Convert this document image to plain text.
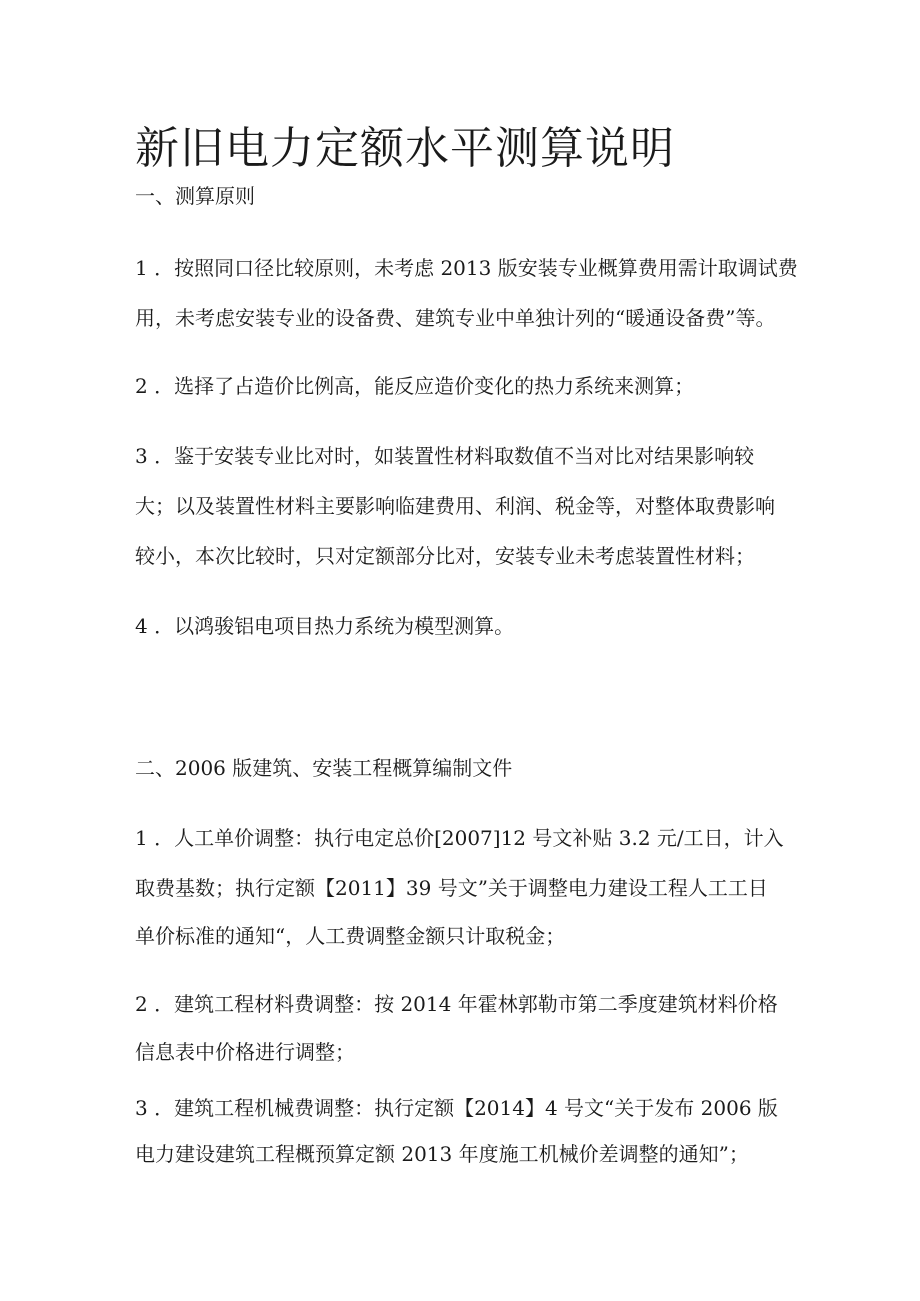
新旧电力定额水平测算说明
一、测算原则
1 ．按照同口径比较原则，未考虑 2013 版安装专业概算费用需计取调试费
用，未考虑安装专业的设备费、建筑专业中单独计列的“暖通设备费”等。
2 ．选择了占造价比例高，能反应造价变化的热力系统来测算；
3 ．鉴于安装专业比对时，如装置性材料取数值不当对比对结果影响较
大；以及装置性材料主要影响临建费用、利润、税金等，对整体取费影响
较小，本次比较时，只对定额部分比对，安装专业未考虑装置性材料；
4 ．以鸿骏铝电项目热力系统为模型测算。
二、2006 版建筑、安装工程概算编制文件
1 ．人工单价调整：执行电定总价[2007]12 号文补贴 3.2 元/工日，计入
取费基数；执行定额【2011】39 号文”关于调整电力建设工程人工工日
单价标准的通知“，人工费调整金额只计取税金；
2 ．建筑工程材料费调整：按 2014 年霍林郭勒市第二季度建筑材料价格
信息表中价格进行调整；
3 ．建筑工程机械费调整：执行定额【2014】4 号文“关于发布 2006 版
电力建设建筑工程概预算定额 2013 年度施工机械价差调整的通知”；
